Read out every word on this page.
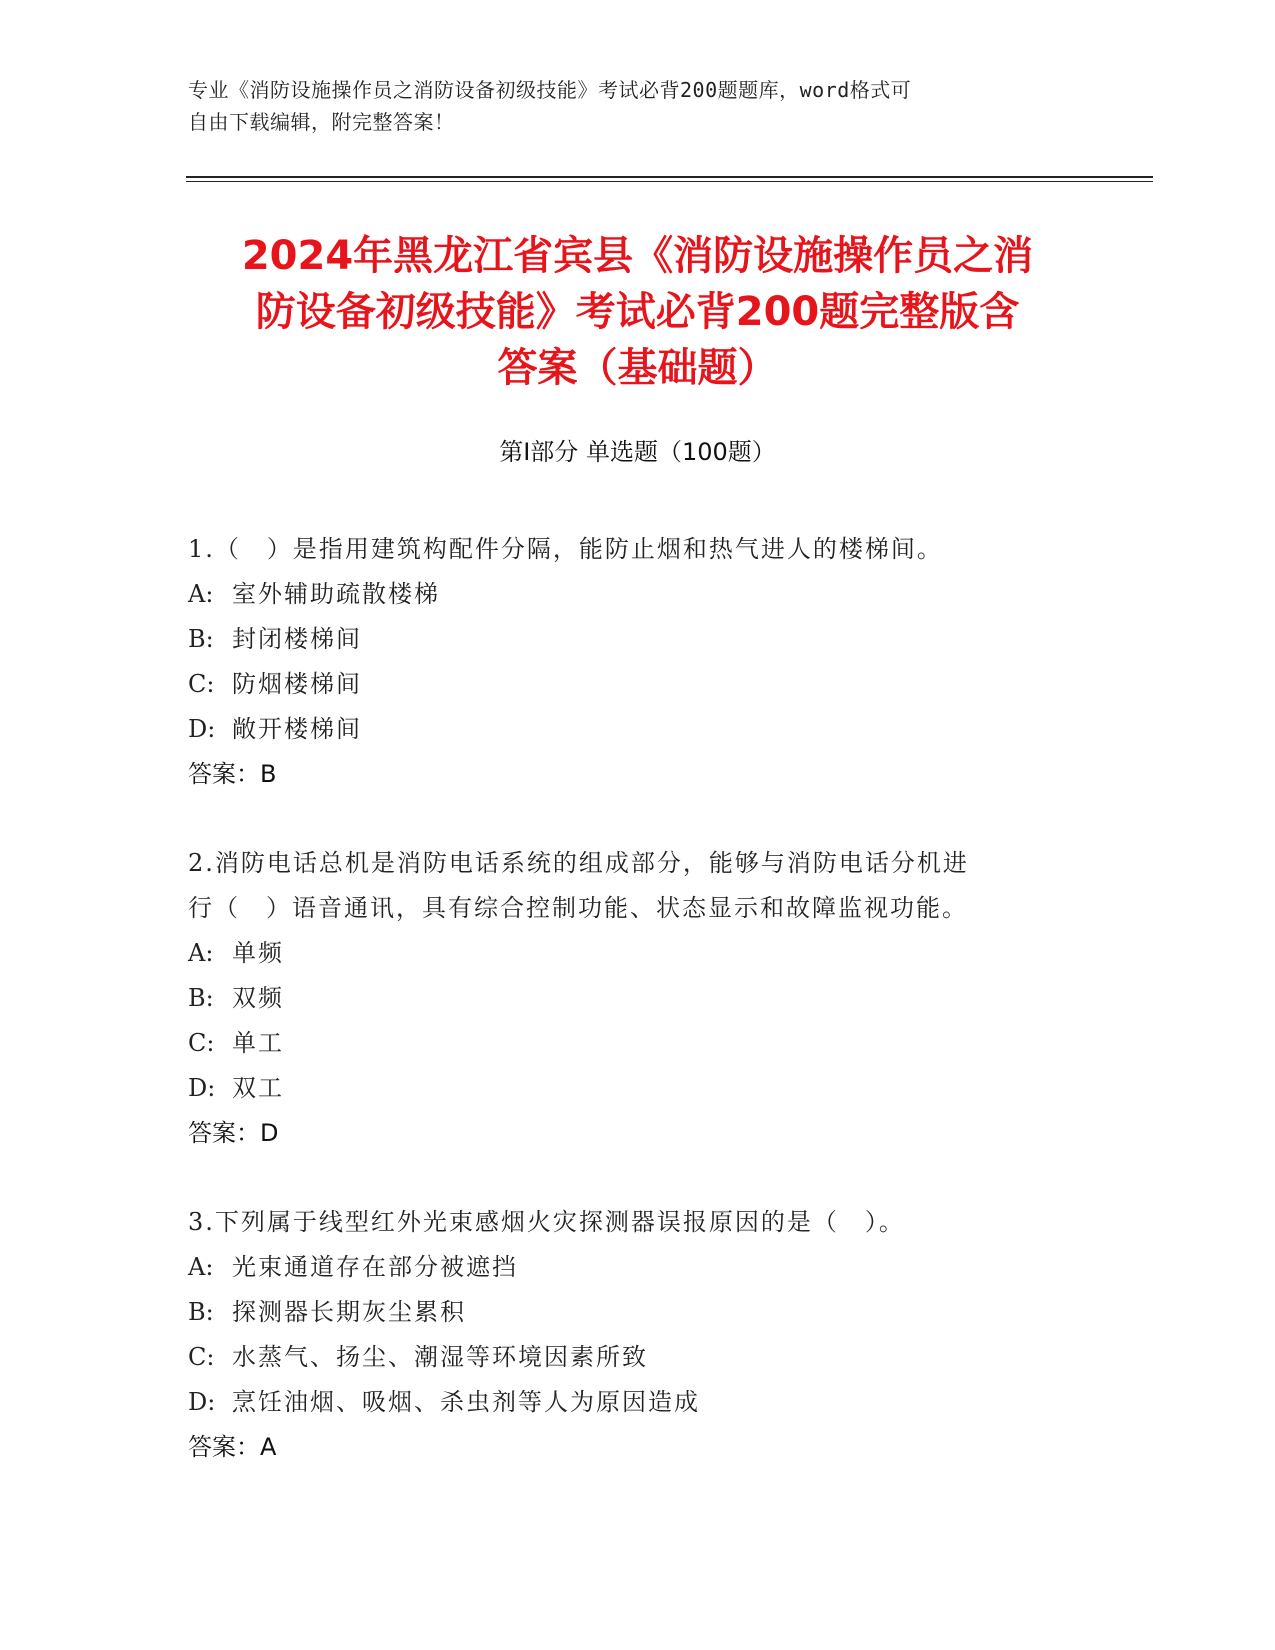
专业《消防设施操作员之消防设备初级技能》考试必背200题题库，word格式可
自由下载编辑，附完整答案！
2024年黑龙江省宾县《消防设施操作员之消
防设备初级技能》考试必背200题完整版含
答案（基础题）
第Ⅰ部分 单选题（100题）
1.（　）是指用建筑构配件分隔，能防止烟和热气进人的楼梯间。
A: 室外辅助疏散楼梯
B: 封闭楼梯间
C: 防烟楼梯间
D: 敞开楼梯间
答案：B
2.消防电话总机是消防电话系统的组成部分，能够与消防电话分机进
行（　）语音通讯，具有综合控制功能、状态显示和故障监视功能。
A: 单频
B: 双频
C: 单工
D: 双工
答案：D
3.下列属于线型红外光束感烟火灾探测器误报原因的是（　）。
A: 光束通道存在部分被遮挡
B: 探测器长期灰尘累积
C: 水蒸气、扬尘、潮湿等环境因素所致
D: 烹饪油烟、吸烟、杀虫剂等人为原因造成
答案：A
